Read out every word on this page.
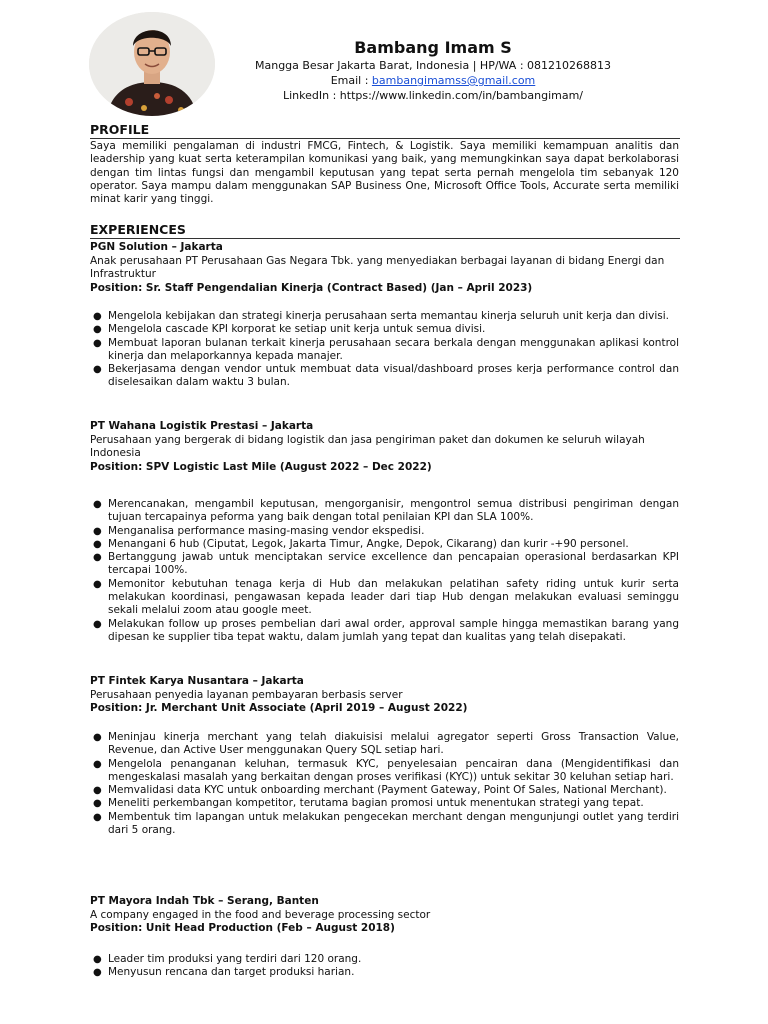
Bambang Imam S
Mangga Besar Jakarta Barat, Indonesia | HP/WA : 081210268813
Email : bambangimamss@gmail.com
LinkedIn : https://www.linkedin.com/in/bambangimam/
PROFILE
Saya memiliki pengalaman di industri FMCG, Fintech, & Logistik. Saya memiliki kemampuan analitis dan leadership yang kuat serta keterampilan komunikasi yang baik, yang memungkinkan saya dapat berkolaborasi dengan tim lintas fungsi dan mengambil keputusan yang tepat serta pernah mengelola tim sebanyak 120 operator. Saya mampu dalam menggunakan SAP Business One, Microsoft Office Tools, Accurate serta memiliki minat karir yang tinggi.
EXPERIENCES
PGN Solution – Jakarta
Anak perusahaan PT Perusahaan Gas Negara Tbk. yang menyediakan berbagai layanan di bidang Energi dan Infrastruktur
Position: Sr. Staff Pengendalian Kinerja (Contract Based) (Jan – April 2023)
● Mengelola kebijakan dan strategi kinerja perusahaan serta memantau kinerja seluruh unit kerja dan divisi.
● Mengelola cascade KPI korporat ke setiap unit kerja untuk semua divisi.
● Membuat laporan bulanan terkait kinerja perusahaan secara berkala dengan menggunakan aplikasi kontrol kinerja dan melaporkannya kepada manajer.
● Bekerjasama dengan vendor untuk membuat data visual/dashboard proses kerja performance control dan diselesaikan dalam waktu 3 bulan.
PT Wahana Logistik Prestasi – Jakarta
Perusahaan yang bergerak di bidang logistik dan jasa pengiriman paket dan dokumen ke seluruh wilayah Indonesia
Position: SPV Logistic Last Mile (August 2022 – Dec 2022)
● Merencanakan, mengambil keputusan, mengorganisir, mengontrol semua distribusi pengiriman dengan tujuan tercapainya peforma yang baik dengan total penilaian KPI dan SLA 100%.
● Menganalisa performance masing-masing vendor ekspedisi.
● Menangani 6 hub (Ciputat, Legok, Jakarta Timur, Angke, Depok, Cikarang) dan kurir -+90 personel.
● Bertanggung jawab untuk menciptakan service excellence dan pencapaian operasional berdasarkan KPI tercapai 100%.
● Memonitor kebutuhan tenaga kerja di Hub dan melakukan pelatihan safety riding untuk kurir serta melakukan koordinasi, pengawasan kepada leader dari tiap Hub dengan melakukan evaluasi seminggu sekali melalui zoom atau google meet.
● Melakukan follow up proses pembelian dari awal order, approval sample hingga memastikan barang yang dipesan ke supplier tiba tepat waktu, dalam jumlah yang tepat dan kualitas yang telah disepakati.
PT Fintek Karya Nusantara – Jakarta
Perusahaan penyedia layanan pembayaran berbasis server
Position: Jr. Merchant Unit Associate (April 2019 – August 2022)
● Meninjau kinerja merchant yang telah diakuisisi melalui agregator seperti Gross Transaction Value, Revenue, dan Active User menggunakan Query SQL setiap hari.
● Mengelola penanganan keluhan, termasuk KYC, penyelesaian pencairan dana (Mengidentifikasi dan mengeskalasi masalah yang berkaitan dengan proses verifikasi (KYC)) untuk sekitar 30 keluhan setiap hari.
● Memvalidasi data KYC untuk onboarding merchant (Payment Gateway, Point Of Sales, National Merchant).
● Meneliti perkembangan kompetitor, terutama bagian promosi untuk menentukan strategi yang tepat.
● Membentuk tim lapangan untuk melakukan pengecekan merchant dengan mengunjungi outlet yang terdiri dari 5 orang.
PT Mayora Indah Tbk – Serang, Banten
A company engaged in the food and beverage processing sector
Position: Unit Head Production (Feb – August 2018)
● Leader tim produksi yang terdiri dari 120 orang.
● Menyusun rencana dan target produksi harian.
